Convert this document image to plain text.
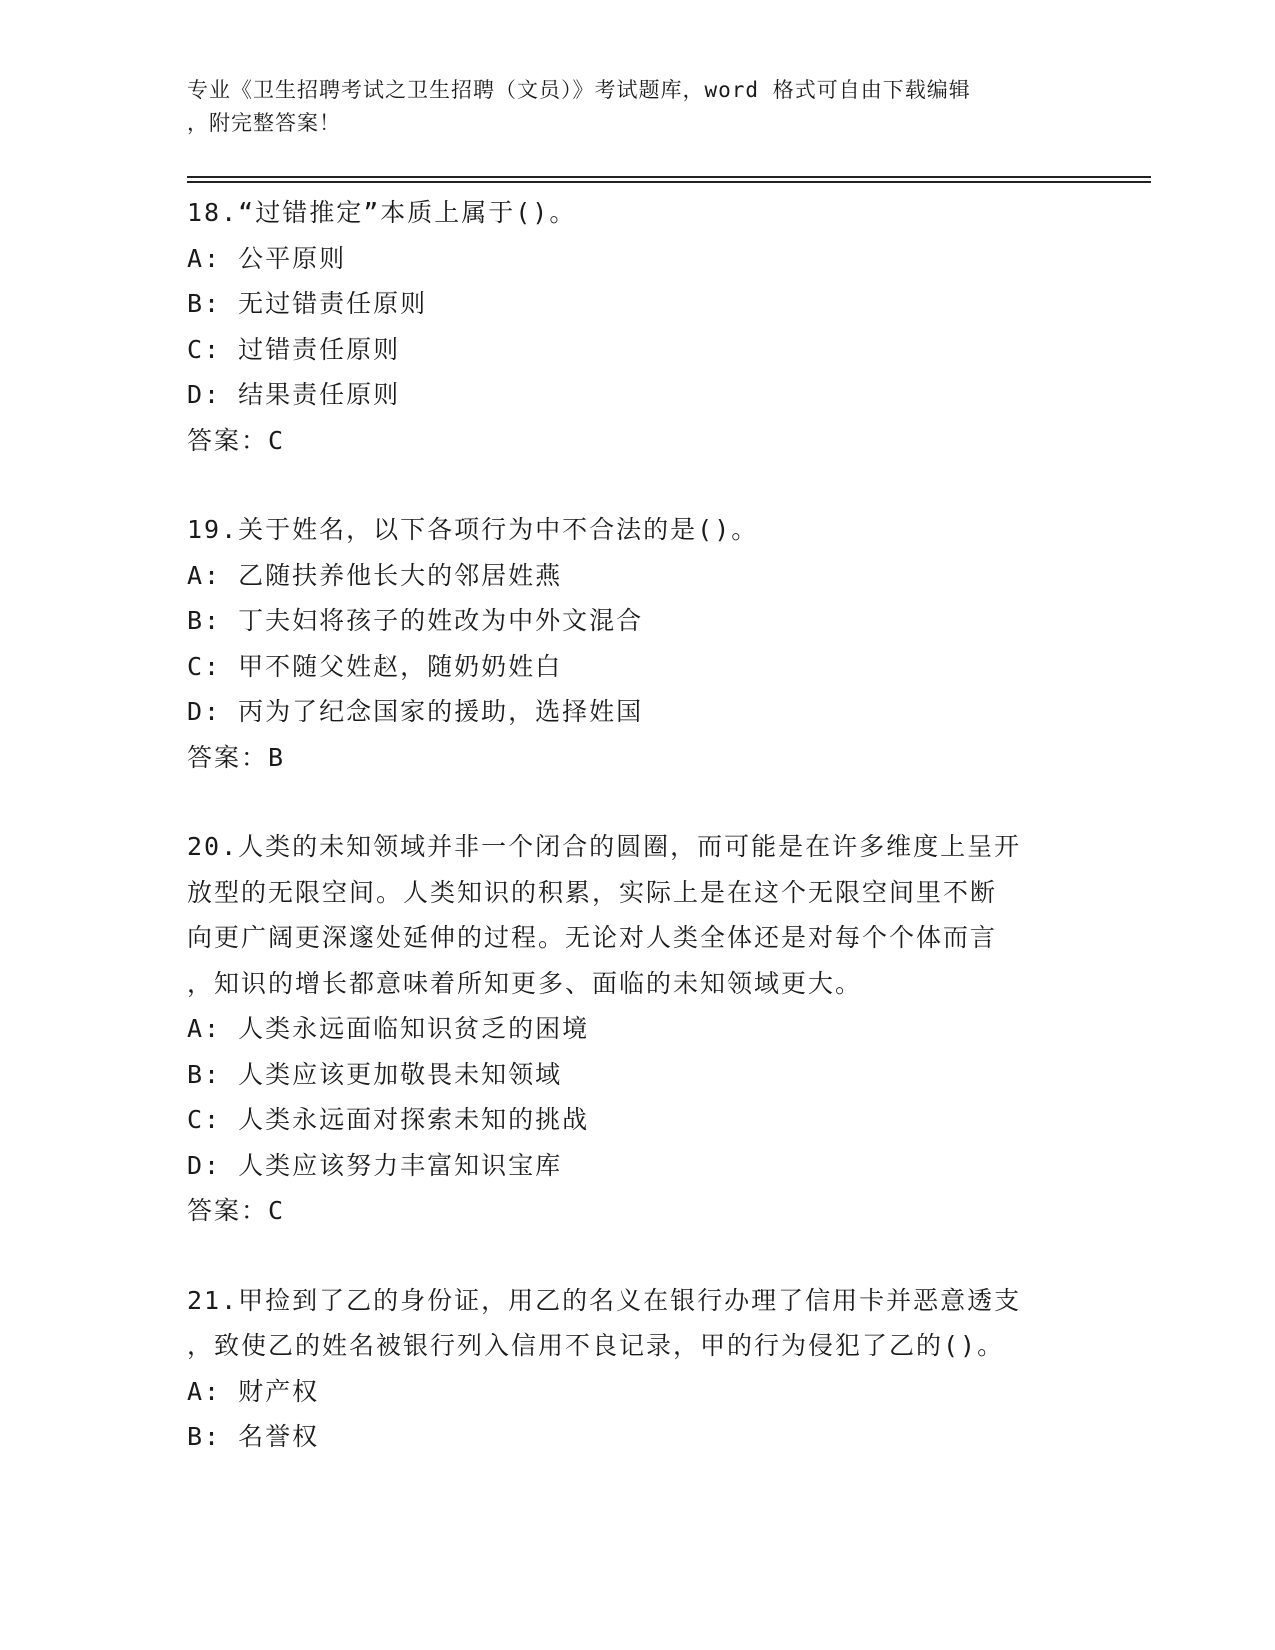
专业《卫生招聘考试之卫生招聘（文员）》考试题库，word 格式可自由下载编辑
，附完整答案！
18.“过错推定”本质上属于()。
A: 公平原则
B: 无过错责任原则
C: 过错责任原则
D: 结果责任原则
答案：C
19.关于姓名，以下各项行为中不合法的是()。
A: 乙随扶养他长大的邻居姓燕
B: 丁夫妇将孩子的姓改为中外文混合
C: 甲不随父姓赵，随奶奶姓白
D: 丙为了纪念国家的援助，选择姓国
答案：B
20.人类的未知领域并非一个闭合的圆圈，而可能是在许多维度上呈开
放型的无限空间。人类知识的积累，实际上是在这个无限空间里不断
向更广阔更深邃处延伸的过程。无论对人类全体还是对每个个体而言
，知识的增长都意味着所知更多、面临的未知领域更大。
A: 人类永远面临知识贫乏的困境
B: 人类应该更加敬畏未知领域
C: 人类永远面对探索未知的挑战
D: 人类应该努力丰富知识宝库
答案：C
21.甲捡到了乙的身份证，用乙的名义在银行办理了信用卡并恶意透支
，致使乙的姓名被银行列入信用不良记录，甲的行为侵犯了乙的()。
A: 财产权
B: 名誉权
